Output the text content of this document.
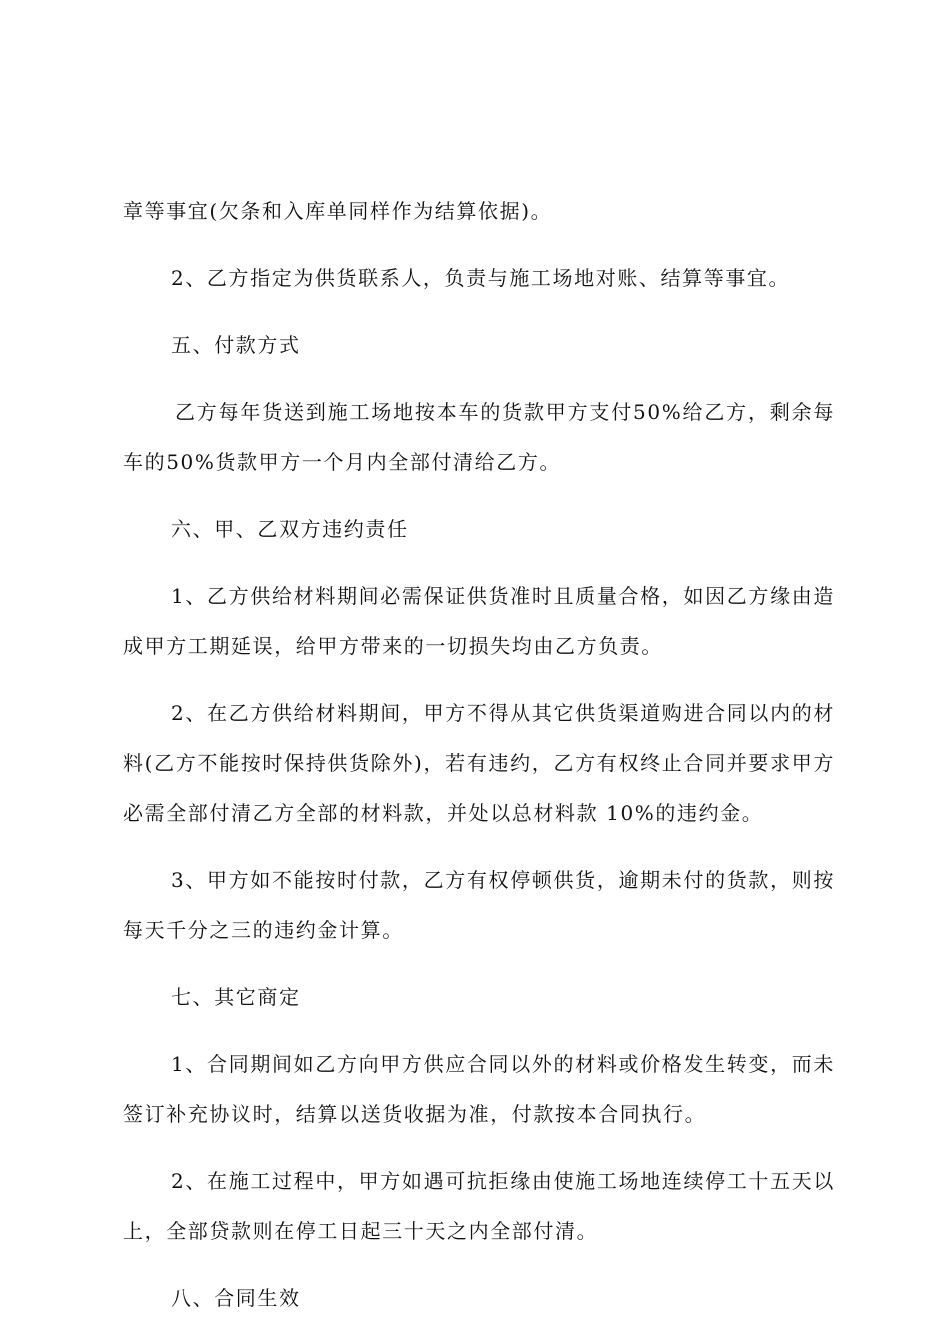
章等事宜(欠条和入库单同样作为结算依据)。

2、乙方指定为供货联系人，负责与施工场地对账、结算等事宜。

五、付款方式

乙方每年货送到施工场地按本车的货款甲方支付50%给乙方，剩余每车的50%货款甲方一个月内全部付清给乙方。

六、甲、乙双方违约责任

1、乙方供给材料期间必需保证供货准时且质量合格，如因乙方缘由造成甲方工期延误，给甲方带来的一切损失均由乙方负责。

2、在乙方供给材料期间，甲方不得从其它供货渠道购进合同以内的材料(乙方不能按时保持供货除外)，若有违约，乙方有权终止合同并要求甲方必需全部付清乙方全部的材料款，并处以总材料款 10%的违约金。

3、甲方如不能按时付款，乙方有权停顿供货，逾期未付的货款，则按每天千分之三的违约金计算。

七、其它商定

1、合同期间如乙方向甲方供应合同以外的材料或价格发生转变，而未签订补充协议时，结算以送货收据为准，付款按本合同执行。

2、在施工过程中，甲方如遇可抗拒缘由使施工场地连续停工十五天以上，全部贷款则在停工日起三十天之内全部付清。

八、合同生效
